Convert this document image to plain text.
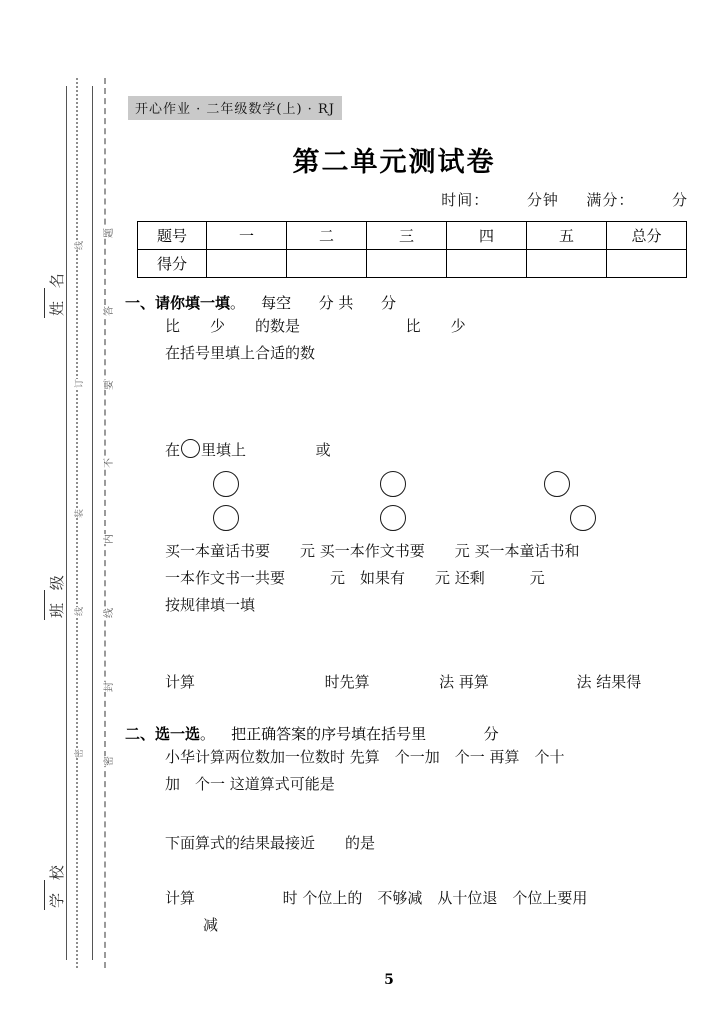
姓 名
班 级
学 校
线
订
装
线
密
题
答
要
不
内
线
封
密
开心作业 · 二年级数学(上) · RJ
第二单元测试卷
时间：	分钟 满分：	分
题号	一	二	三	四	五	总分
得分						
一、请你填一填。 每空 分 共 分
比　　少　　的数是	比　　少
在括号里填上合适的数
在 里填上	或
买一本童话书要　　元 买一本作文书要　　元 买一本童话书和
一本作文书一共要　　　元　如果有　　元 还剩　　　元
按规律填一填
计算	时先算	法 再算	法 结果得
二、选一选。 把正确答案的序号填在括号里	分
小华计算两位数加一位数时 先算　个一加　个一 再算　个十
加　个一 这道算式可能是
下面算式的结果最接近　　的是
计算	时 个位上的　不够减　从十位退　个位上要用
减
5
